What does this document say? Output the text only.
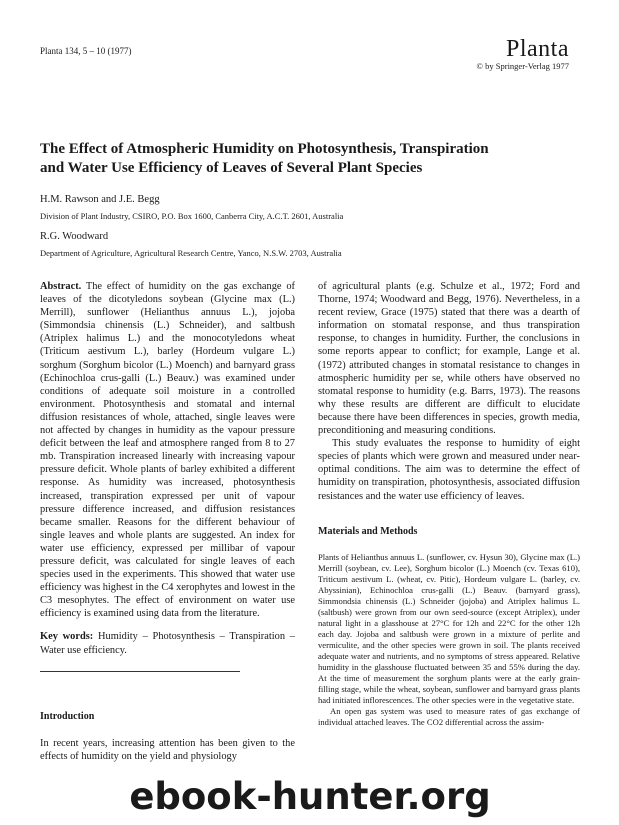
Planta 134, 5 – 10 (1977)	Planta
© by Springer-Verlag 1977
The Effect of Atmospheric Humidity on Photosynthesis, Transpiration
and Water Use Efficiency of Leaves of Several Plant Species
H.M. Rawson and J.E. Begg
Division of Plant Industry, CSIRO, P.O. Box 1600, Canberra City, A.C.T. 2601, Australia
R.G. Woodward
Department of Agriculture, Agricultural Research Centre, Yanco, N.S.W. 2703, Australia

Abstract. The effect of humidity on the gas exchange of leaves of the dicotyledons soybean (Glycine max (L.) Merrill), sunflower (Helianthus annuus L.), jojoba (Simmondsia chinensis (L.) Schneider), and saltbush (Atriplex halimus L.) and the monocotyledons wheat (Triticum aestivum L.), barley (Hordeum vulgare L.) sorghum (Sorghum bicolor (L.) Moench) and barnyard grass (Echinochloa crus-galli (L.) Beauv.) was examined under conditions of adequate soil moisture in a controlled environment. Photosynthesis and stomatal and internal diffusion resistances of whole, attached, single leaves were not affected by changes in humidity as the vapour pressure deficit between the leaf and atmosphere ranged from 8 to 27 mb. Transpiration increased linearly with increasing vapour pressure deficit. Whole plants of barley exhibited a different response. As humidity was increased, photosynthesis increased, transpiration expressed per unit of vapour pressure difference increased, and diffusion resistances became smaller. Reasons for the different behaviour of single leaves and whole plants are suggested. An index for water use efficiency, expressed per millibar of vapour pressure deficit, was calculated for single leaves of each species used in the experiments. This showed that water use efficiency was highest in the C4 xerophytes and lowest in the C3 mesophytes. The effect of environment on water use efficiency is examined using data from the literature.

Key words: Humidity – Photosynthesis – Transpiration – Water use efficiency.

Introduction

In recent years, increasing attention has been given to the effects of humidity on the yield and physiology

of agricultural plants (e.g. Schulze et al., 1972; Ford and Thorne, 1974; Woodward and Begg, 1976). Nevertheless, in a recent review, Grace (1975) stated that there was a dearth of information on stomatal response, and thus transpiration response, to changes in humidity. Further, the conclusions in some reports appear to conflict; for example, Lange et al. (1972) attributed changes in stomatal resistance to changes in atmospheric humidity per se, while others have observed no stomatal response to humidity (e.g. Barrs, 1973). The reasons why these results are different are difficult to elucidate because there have been differences in species, growth media, preconditioning and measuring conditions.

This study evaluates the response to humidity of eight species of plants which were grown and measured under near-optimal conditions. The aim was to determine the effect of humidity on transpiration, photosynthesis, associated diffusion resistances and the water use efficiency of leaves.

Materials and Methods

Plants of Helianthus annuus L. (sunflower, cv. Hysun 30), Glycine max (L.) Merrill (soybean, cv. Lee), Sorghum bicolor (L.) Moench (cv. Texas 610), Triticum aestivum L. (wheat, cv. Pitic), Hordeum vulgare L. (barley, cv. Abyssinian), Echinochloa crus-galli (L.) Beauv. (barnyard grass), Simmondsia chinensis (L.) Schneider (jojoba) and Atriplex halimus L. (saltbush) were grown from our own seed-source (except Atriplex), under natural light in a glasshouse at 27°C for 12h and 22°C for the other 12h each day. Jojoba and saltbush were grown in a mixture of perlite and vermiculite, and the other species were grown in soil. The plants received adequate water and nutrients, and no symptoms of stress appeared. Relative humidity in the glasshouse fluctuated between 35 and 55% during the day. At the time of measurement the sorghum plants were at the early grain-filling stage, while the wheat, soybean, sunflower and barnyard grass plants had initiated inflorescences. The other species were in the vegetative state.

An open gas system was used to measure rates of gas exchange of individual attached leaves. The CO2 differential across the assim-

ebook-hunter.org
